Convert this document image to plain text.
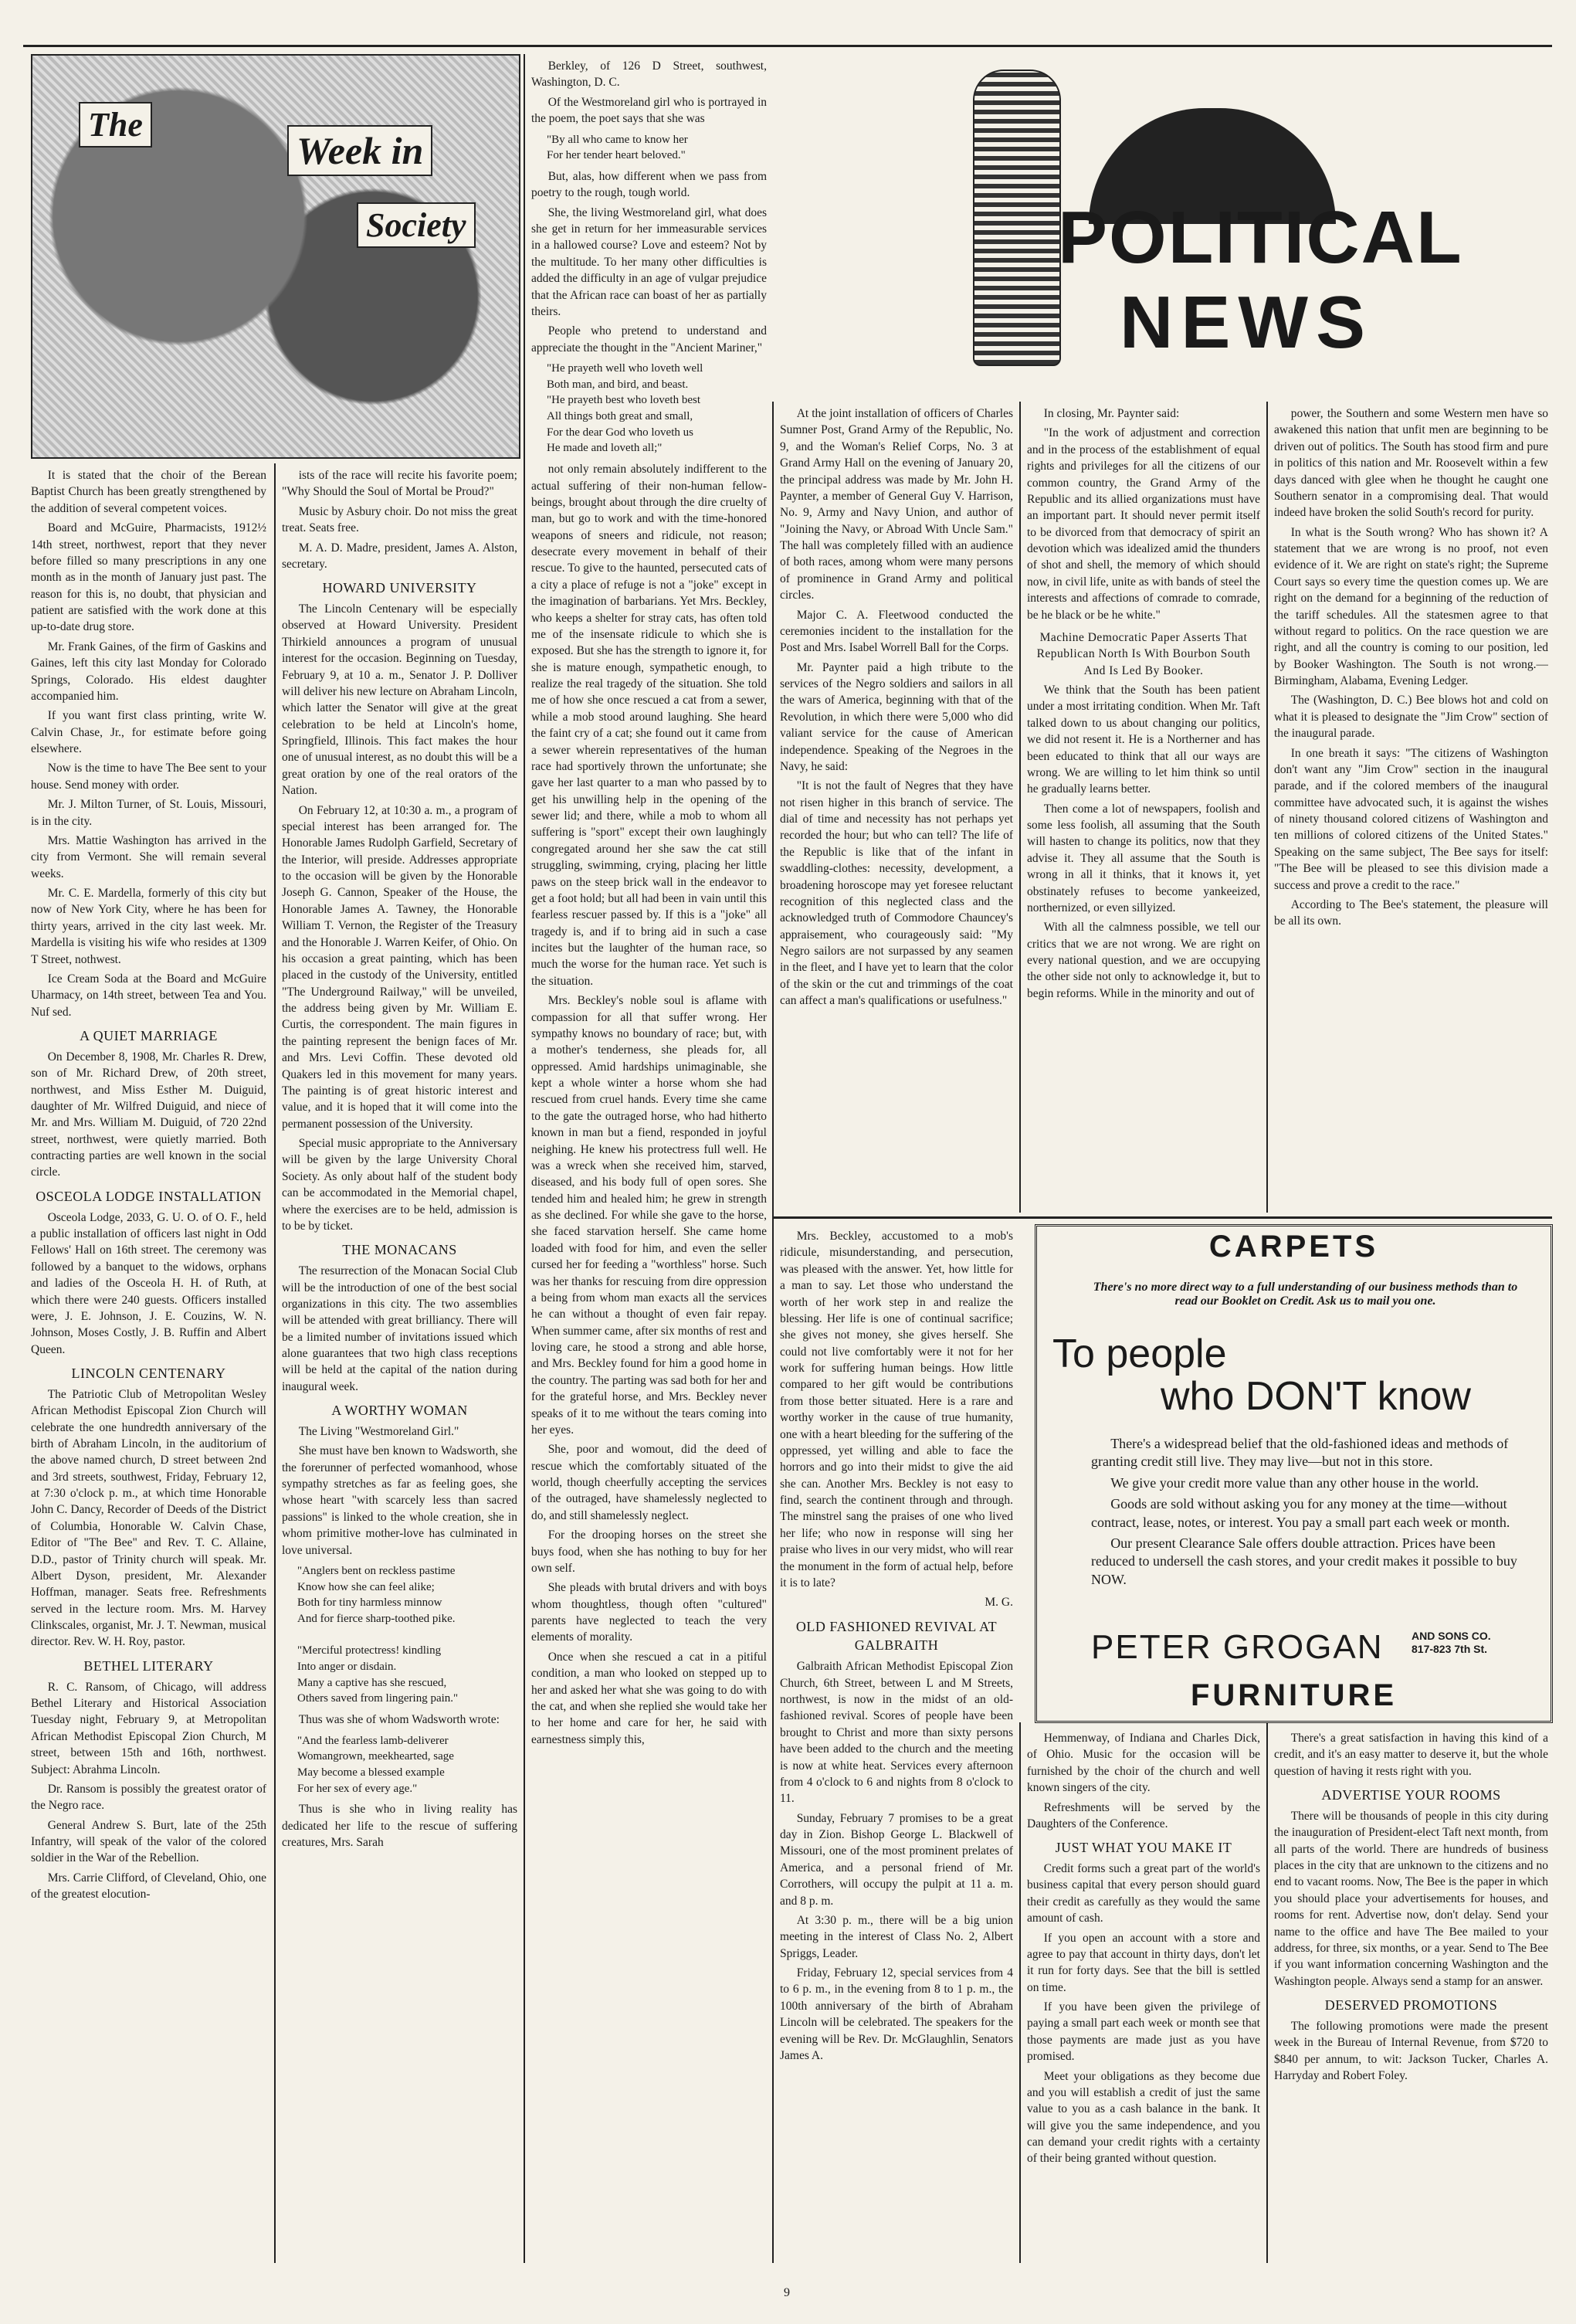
The
Week in
Society	POLITICAL
NEWS

It is stated that the choir of the Berean Baptist Church has been greatly strengthened by the addition of several competent voices.

Board and McGuire, Pharmacists, 1912½ 14th street, northwest, report that they never before filled so many prescriptions in any one month as in the month of January just past. The reason for this is, no doubt, that physician and patient are satisfied with the work done at this up-to-date drug store.

Mr. Frank Gaines, of the firm of Gaskins and Gaines, left this city last Monday for Colorado Springs, Colorado. His eldest daughter accompanied him.

If you want first class printing, write W. Calvin Chase, Jr., for estimate before going elsewhere.

Now is the time to have The Bee sent to your house. Send money with order.

Mr. J. Milton Turner, of St. Louis, Missouri, is in the city.

Mrs. Mattie Washington has arrived in the city from Vermont. She will remain several weeks.

Mr. C. E. Mardella, formerly of this city but now of New York City, where he has been for thirty years, arrived in the city last week. Mr. Mardella is visiting his wife who resides at 1309 T Street, nothwest.

Ice Cream Soda at the Board and McGuire Uharmacy, on 14th street, between Tea and You. Nuf sed.

A QUIET MARRIAGE

On December 8, 1908, Mr. Charles R. Drew, son of Mr. Richard Drew, of 20th street, northwest, and Miss Esther M. Duiguid, daughter of Mr. Wilfred Duiguid, and niece of Mr. and Mrs. William M. Duiguid, of 720 22nd street, northwest, were quietly married. Both contracting parties are well known in the social circle.

OSCEOLA LODGE INSTALLATION

Osceola Lodge, 2033, G. U. O. of O. F., held a public installation of officers last night in Odd Fellows' Hall on 16th street. The ceremony was followed by a banquet to the widows, orphans and ladies of the Osceola H. H. of Ruth, at which there were 240 guests. Officers installed were, J. E. Johnson, J. E. Couzins, W. N. Johnson, Moses Costly, J. B. Ruffin and Albert Queen.

LINCOLN CENTENARY

The Patriotic Club of Metropolitan Wesley African Methodist Episcopal Zion Church will celebrate the one hundredth anniversary of the birth of Abraham Lincoln, in the auditorium of the above named church, D street between 2nd and 3rd streets, southwest, Friday, February 12, at 7:30 o'clock p. m., at which time Honorable John C. Dancy, Recorder of Deeds of the District of Columbia, Honorable W. Calvin Chase, Editor of "The Bee" and Rev. T. C. Allaine, D.D., pastor of Trinity church will speak. Mr. Albert Dyson, president, Mr. Alexander Hoffman, manager. Seats free. Refreshments served in the lecture room. Mrs. M. Harvey Clinkscales, organist, Mr. J. T. Newman, musical director. Rev. W. H. Roy, pastor.

BETHEL LITERARY

R. C. Ransom, of Chicago, will address Bethel Literary and Historical Association Tuesday night, February 9, at Metropolitan African Methodist Episcopal Zion Church, M street, between 15th and 16th, northwest. Subject: Abrahma Lincoln.

Dr. Ransom is possibly the greatest orator of the Negro race.

General Andrew S. Burt, late of the 25th Infantry, will speak of the valor of the colored soldier in the War of the Rebellion.

Mrs. Carrie Clifford, of Cleveland, Ohio, one of the greatest elocution-

ists of the race will recite his favorite poem; "Why Should the Soul of Mortal be Proud?"

Music by Asbury choir. Do not miss the great treat. Seats free.

M. A. D. Madre, president, James A. Alston, secretary.

HOWARD UNIVERSITY

The Lincoln Centenary will be especially observed at Howard University. President Thirkield announces a program of unusual interest for the occasion. Beginning on Tuesday, February 9, at 10 a. m., Senator J. P. Dolliver will deliver his new lecture on Abraham Lincoln, which latter the Senator will give at the great celebration to be held at Lincoln's home, Springfield, Illinois. This fact makes the hour one of unusual interest, as no doubt this will be a great oration by one of the real orators of the Nation.

On February 12, at 10:30 a. m., a program of special interest has been arranged for. The Honorable James Rudolph Garfield, Secretary of the Interior, will preside. Addresses appropriate to the occasion will be given by the Honorable Joseph G. Cannon, Speaker of the House, the Honorable James A. Tawney, the Honorable William T. Vernon, the Register of the Treasury and the Honorable J. Warren Keifer, of Ohio. On his occasion a great painting, which has been placed in the custody of the University, entitled "The Underground Railway," will be unveiled, the address being given by Mr. William E. Curtis, the correspondent. The main figures in the painting represent the benign faces of Mr. and Mrs. Levi Coffin. These devoted old Quakers led in this movement for many years. The painting is of great historic interest and value, and it is hoped that it will come into the permanent possession of the University.

Special music appropriate to the Anniversary will be given by the large University Choral Society. As only about half of the student body can be accommodated in the Memorial chapel, where the exercises are to be held, admission is to be by ticket.

THE MONACANS

The resurrection of the Monacan Social Club will be the introduction of one of the best social organizations in this city. The two assemblies will be attended with great brilliancy. There will be a limited number of invitations issued which alone guarantees that two high class receptions will be held at the capital of the nation during inaugural week.

A WORTHY WOMAN

The Living "Westmoreland Girl."

She must have ben known to Wadsworth, she the forerunner of perfected womanhood, whose sympathy stretches as far as feeling goes, she whose heart "with scarcely less than sacred passions" is linked to the whole creation, she in whom primitive mother-love has culminated in love universal.

"Anglers bent on reckless pastime
Know how she can feel alike;
Both for tiny harmless minnow
And for fierce sharp-toothed pike.

"Merciful protectress! kindling
Into anger or disdain.
Many a captive has she rescued,
Others saved from lingering pain."

Thus was she of whom Wadsworth wrote:

"And the fearless lamb-deliverer
Womangrown, meekhearted, sage
May become a blessed example
For her sex of every age."

Thus is she who in living reality has dedicated her life to the rescue of suffering creatures, Mrs. Sarah

Berkley, of 126 D Street, southwest, Washington, D. C.

Of the Westmoreland girl who is portrayed in the poem, the poet says that she was

"By all who came to know her
For her tender heart beloved."

But, alas, how different when we pass from poetry to the rough, tough world.

She, the living Westmoreland girl, what does she get in return for her immeasurable services in a hallowed course? Love and esteem? Not by the multitude. To her many other difficulties is added the difficulty in an age of vulgar prejudice that the African race can boast of her as partially theirs.

People who pretend to understand and appreciate the thought in the "Ancient Mariner,"

"He prayeth well who loveth well
Both man, and bird, and beast.
"He prayeth best who loveth best
All things both great and small,
For the dear God who loveth us
He made and loveth all;"

not only remain absolutely indifferent to the actual suffering of their non-human fellow-beings, brought about through the dire cruelty of man, but go to work and with the time-honored weapons of sneers and ridicule, not reason; desecrate every movement in behalf of their rescue. To give to the haunted, persecuted cats of a city a place of refuge is not a "joke" except in the imagination of barbarians. Yet Mrs. Beckley, who keeps a shelter for stray cats, has often told me of the insensate ridicule to which she is exposed. But she has the strength to ignore it, for she is mature enough, sympathetic enough, to realize the real tragedy of the situation. She told me of how she once rescued a cat from a sewer, while a mob stood around laughing. She heard the faint cry of a cat; she found out it came from a sewer wherein representatives of the human race had sportively thrown the unfortunate; she gave her last quarter to a man who passed by to get his unwilling help in the opening of the sewer lid; and there, while a mob to whom all suffering is "sport" except their own laughingly congregated around her she saw the cat still struggling, swimming, crying, placing her little paws on the steep brick wall in the endeavor to get a foot hold; but all had been in vain until this fearless rescuer passed by. If this is a "joke" all tragedy is, and if to bring aid in such a case incites but the laughter of the human race, so much the worse for the human race. Yet such is the situation.

Mrs. Beckley's noble soul is aflame with compassion for all that suffer wrong. Her sympathy knows no boundary of race; but, with a mother's tenderness, she pleads for, all oppressed. Amid hardships unimaginable, she kept a whole winter a horse whom she had rescued from cruel hands. Every time she came to the gate the outraged horse, who had hitherto known in man but a fiend, responded in joyful neighing. He knew his protectress full well. He was a wreck when she received him, starved, diseased, and his body full of open sores. She tended him and healed him; he grew in strength as she declined. For while she gave to the horse, she faced starvation herself. She came home loaded with food for him, and even the seller cursed her for feeding a "worthless" horse. Such was her thanks for rescuing from dire oppression a being from whom man exacts all the services he can without a thought of even fair repay. When summer came, after six months of rest and loving care, he stood a strong and able horse, and Mrs. Beckley found for him a good home in the country. The parting was sad both for her and for the grateful horse, and Mrs. Beckley never speaks of it to me without the tears coming into her eyes.

She, poor and womout, did the deed of rescue which the comfortably situated of the world, though cheerfully accepting the services of the outraged, have shamelessly neglected to do, and still shamelessly neglect.

For the drooping horses on the street she buys food, when she has nothing to buy for her own self.

She pleads with brutal drivers and with boys whom thoughtless, though often "cultured" parents have neglected to teach the very elements of morality.

Once when she rescued a cat in a pitiful condition, a man who looked on stepped up to her and asked her what she was going to do with the cat, and when she replied she would take her to her home and care for her, he said with earnestness simply this,

At the joint installation of officers of Charles Sumner Post, Grand Army of the Republic, No. 9, and the Woman's Relief Corps, No. 3 at Grand Army Hall on the evening of January 20, the principal address was made by Mr. John H. Paynter, a member of General Guy V. Harrison, No. 9, Army and Navy Union, and author of "Joining the Navy, or Abroad With Uncle Sam." The hall was completely filled with an audience of both races, among whom were many persons of prominence in Grand Army and political circles.

Major C. A. Fleetwood conducted the ceremonies incident to the installation for the Post and Mrs. Isabel Worrell Ball for the Corps.

Mr. Paynter paid a high tribute to the services of the Negro soldiers and sailors in all the wars of America, beginning with that of the Revolution, in which there were 5,000 who did valiant service for the cause of American independence. Speaking of the Negroes in the Navy, he said:

"It is not the fault of Negres that they have not risen higher in this branch of service. The dial of time and necessity has not perhaps yet recorded the hour; but who can tell? The life of the Republic is like that of the infant in swaddling-clothes: necessity, development, a broadening horoscope may yet foresee reluctant recognition of this neglected class and the acknowledged truth of Commodore Chauncey's appraisement, who courageously said: "My Negro sailors are not surpassed by any seamen in the fleet, and I have yet to learn that the color of the skin or the cut and trimmings of the coat can affect a man's qualifications or usefulness."

In closing, Mr. Paynter said:

"In the work of adjustment and correction and in the process of the establishment of equal rights and privileges for all the citizens of our common country, the Grand Army of the Republic and its allied organizations must have an important part. It should never permit itself to be divorced from that democracy of spirit an devotion which was idealized amid the thunders of shot and shell, the memory of which should now, in civil life, unite as with bands of steel the interests and affections of comrade to comrade, be he black or be he white."

Machine Democratic Paper Asserts That Republican North Is With Bourbon South And Is Led By Booker.

We think that the South has been patient under a most irritating condition. When Mr. Taft talked down to us about changing our politics, we did not resent it. He is a Northerner and has been educated to think that all our ways are wrong. We are willing to let him think so until he gradually learns better.

Then come a lot of newspapers, foolish and some less foolish, all assuming that the South will hasten to change its politics, now that they advise it. They all assume that the South is wrong in all it thinks, that it knows it, yet obstinately refuses to become yankeeized, northernized, or even sillyized.

With all the calmness possible, we tell our critics that we are not wrong. We are right on every national question, and we are occupying the other side not only to acknowledge it, but to begin reforms. While in the minority and out of

power, the Southern and some Western men have so awakened this nation that unfit men are beginning to be driven out of politics. The South has stood firm and pure in politics of this nation and Mr. Roosevelt within a few days danced with glee when he thought he caught one Southern senator in a compromising deal. That would indeed have broken the solid South's record for purity.

In what is the South wrong? Who has shown it? A statement that we are wrong is no proof, not even evidence of it. We are right on state's right; the Supreme Court says so every time the question comes up. We are right on the demand for a beginning of the reduction of the tariff schedules. All the statesmen agree to that without regard to politics. On the race question we are right, and all the country is coming to our position, led by Booker Washington. The South is not wrong.—Birmingham, Alabama, Evening Ledger.

The (Washington, D. C.) Bee blows hot and cold on what it is pleased to designate the "Jim Crow" section of the inaugural parade.

In one breath it says: "The citizens of Washington don't want any "Jim Crow" section in the inaugural parade, and if the colored members of the inaugural committee have advocated such, it is against the wishes of ninety thousand colored citizens of Washington and ten millions of colored citizens of the United States." Speaking on the same subject, The Bee says for itself: "The Bee will be pleased to see this division made a success and prove a credit to the race."

According to The Bee's statement, the pleasure will be all its own.

Mrs. Beckley, accustomed to a mob's ridicule, misunderstanding, and persecution, was pleased with the answer. Yet, how little for a man to say. Let those who understand the worth of her work step in and realize the blessing. Her life is one of continual sacrifice; she gives not money, she gives herself. She could not live comfortably were it not for her work for suffering human beings. How little compared to her gift would be contributions from those better situated. Here is a rare and worthy worker in the cause of true humanity, one with a heart bleeding for the suffering of the oppressed, yet willing and able to face the horrors and go into their midst to give the aid she can. Another Mrs. Beckley is not easy to find, search the continent through and through. The minstrel sang the praises of one who lived her life; who now in response will sing her praise who lives in our very midst, who will rear the monument in the form of actual help, before it is to late?

M. G.

OLD FASHIONED REVIVAL AT GALBRAITH

Galbraith African Methodist Episcopal Zion Church, 6th Street, between L and M Streets, northwest, is now in the midst of an old-fashioned revival. Scores of people have been brought to Christ and more than sixty persons have been added to the church and the meeting is now at white heat. Services every afternoon from 4 o'clock to 6 and nights from 8 o'clock to 11.

Sunday, February 7 promises to be a great day in Zion. Bishop George L. Blackwell of Missouri, one of the most prominent prelates of America, and a personal friend of Mr. Corrothers, will occupy the pulpit at 11 a. m. and 8 p. m.

At 3:30 p. m., there will be a big union meeting in the interest of Class No. 2, Albert Spriggs, Leader.

Friday, February 12, special services from 4 to 6 p. m., in the evening from 8 to 1 p. m., the 100th anniversary of the birth of Abraham Lincoln will be celebrated. The speakers for the evening will be Rev. Dr. McGlaughlin, Senators James A.

CARPETS
There's no more direct way to a full understanding of our business methods than to read our Booklet on Credit. Ask us to mail you one.
To people
who DON'T know

There's a widespread belief that the old-fashioned ideas and methods of granting credit still live. They may live—but not in this store.

We give your credit more value than any other house in the world.

Goods are sold without asking you for any money at the time—without contract, lease, notes, or interest. You pay a small part each week or month.

Our present Clearance Sale offers double attraction. Prices have been reduced to undersell the cash stores, and your credit makes it possible to buy NOW.

PETER GROGAN	AND SONS CO.
817-823 7th St.
FURNITURE

Hemmenway, of Indiana and Charles Dick, of Ohio. Music for the occasion will be furnished by the choir of the church and well known singers of the city.

Refreshments will be served by the Daughters of the Conference.

JUST WHAT YOU MAKE IT

Credit forms such a great part of the world's business capital that every person should guard their credit as carefully as they would the same amount of cash.

If you open an account with a store and agree to pay that account in thirty days, don't let it run for forty days. See that the bill is settled on time.

If you have been given the privilege of paying a small part each week or month see that those payments are made just as you have promised.

Meet your obligations as they become due and you will establish a credit of just the same value to you as a cash balance in the bank. It will give you the same independence, and you can demand your credit rights with a certainty of their being granted without question.

There's a great satisfaction in having this kind of a credit, and it's an easy matter to deserve it, but the whole question of having it rests right with you.

ADVERTISE YOUR ROOMS

There will be thousands of people in this city during the inauguration of President-elect Taft next month, from all parts of the world. There are hundreds of business places in the city that are unknown to the citizens and no end to vacant rooms. Now, The Bee is the paper in which you should place your advertisements for houses, and rooms for rent. Advertise now, don't delay. Send your name to the office and have The Bee mailed to your address, for three, six months, or a year. Send to The Bee if you want information concerning Washington and the Washington people. Always send a stamp for an answer.

DESERVED PROMOTIONS

The following promotions were made the present week in the Bureau of Internal Revenue, from $720 to $840 per annum, to wit: Jackson Tucker, Charles A. Harryday and Robert Foley.

9
